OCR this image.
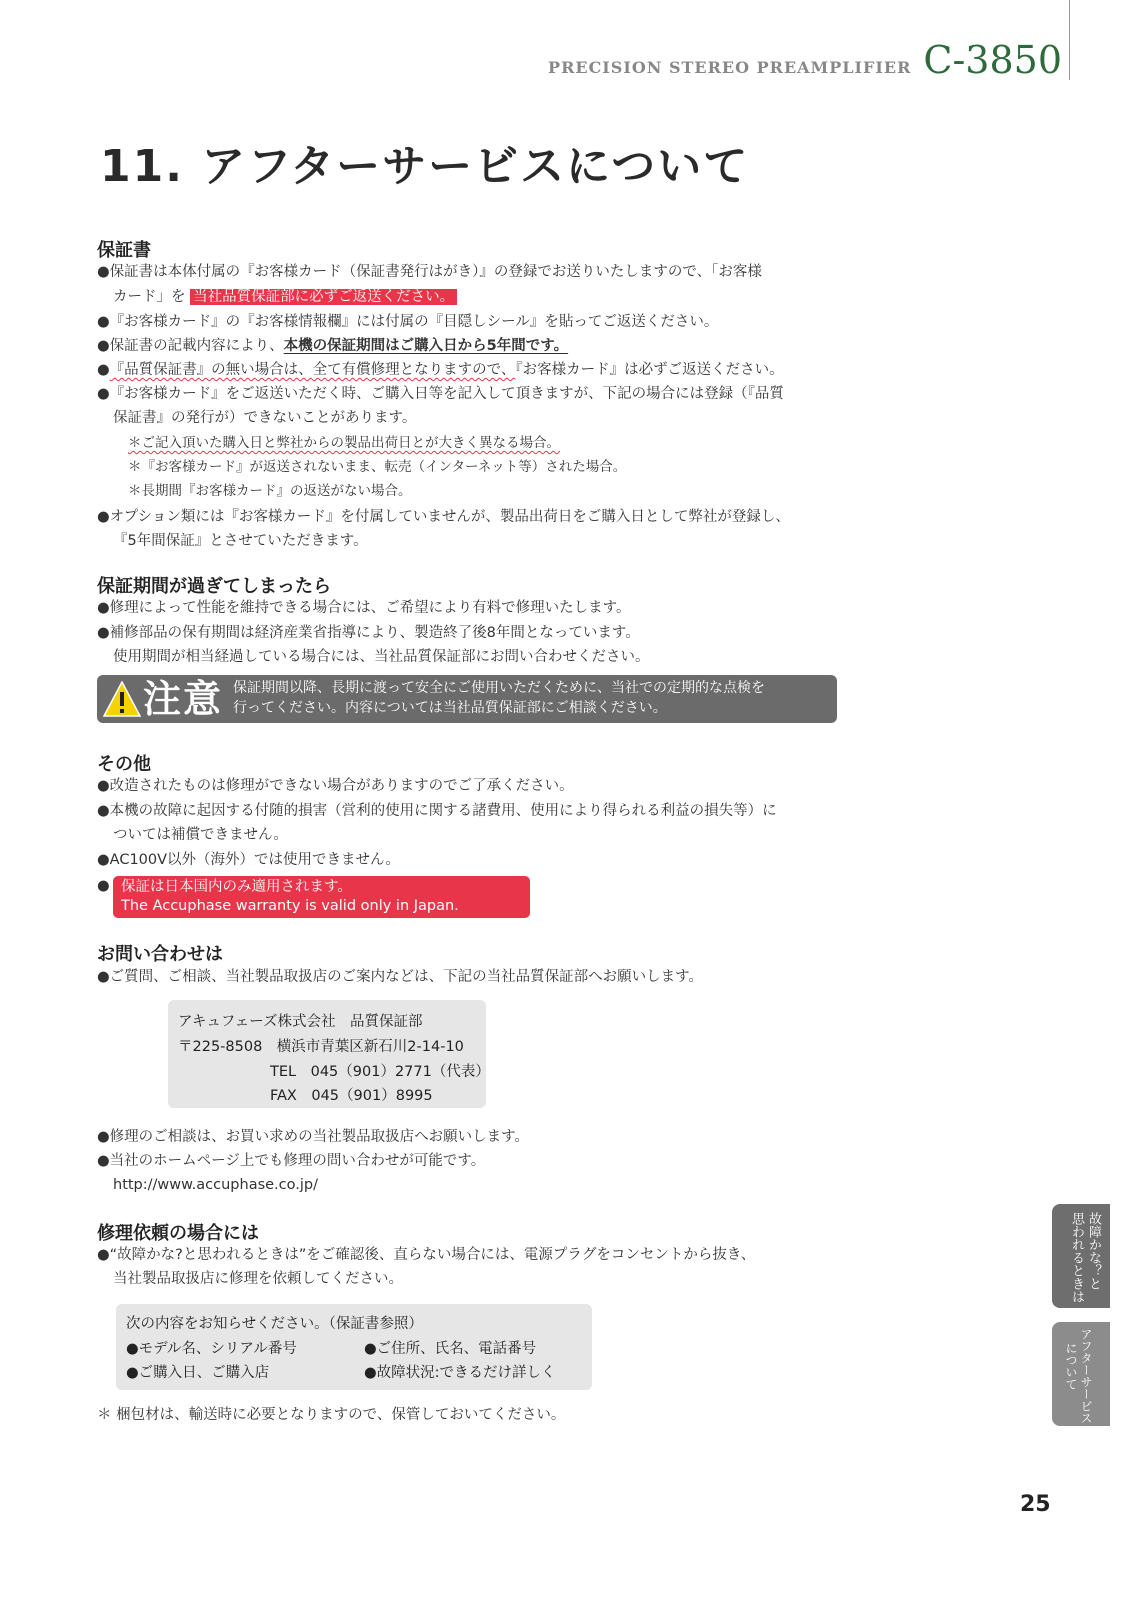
PRECISION STEREO PREAMPLIFIER C-3850
11. アフターサービスについて
保証書
●保証書は本体付属の『お客様カード（保証書発行はがき）』の登録でお送りいたしますので、「お客様
カード」を 当社品質保証部に必ずご返送ください。
●『お客様カード』の『お客様情報欄』には付属の『目隠しシール』を貼ってご返送ください。
●保証書の記載内容により、本機の保証期間はご購入日から5年間です。
●『品質保証書』の無い場合は、全て有償修理となりますので、『お客様カード』は必ずご返送ください。
●『お客様カード』をご返送いただく時、ご購入日等を記入して頂きますが、下記の場合には登録（『品質
保証書』の発行が）できないことがあります。
＊ご記入頂いた購入日と弊社からの製品出荷日とが大きく異なる場合。
＊『お客様カード』が返送されないまま、転売（インターネット等）された場合。
＊長期間『お客様カード』の返送がない場合。
●オプション類には『お客様カード』を付属していませんが、製品出荷日をご購入日として弊社が登録し、
『5年間保証』とさせていただきます。
保証期間が過ぎてしまったら
●修理によって性能を維持できる場合には、ご希望により有料で修理いたします。
●補修部品の保有期間は経済産業省指導により、製造終了後8年間となっています。
使用期間が相当経過している場合には、当社品質保証部にお問い合わせください。
注意 保証期間以降、長期に渡って安全にご使用いただくために、当社での定期的な点検を
行ってください。内容については当社品質保証部にご相談ください。
その他
●改造されたものは修理ができない場合がありますのでご了承ください。
●本機の故障に起因する付随的損害（営利的使用に関する諸費用、使用により得られる利益の損失等）に
ついては補償できません。
●AC100V以外（海外）では使用できません。
● 保証は日本国内のみ適用されます。
The Accuphase warranty is valid only in Japan.
お問い合わせは
●ご質問、ご相談、当社製品取扱店のご案内などは、下記の当社品質保証部へお願いします。
アキュフェーズ株式会社　品質保証部
〒225-8508　横浜市青葉区新石川2-14-10
TEL　045（901）2771（代表）
FAX　045（901）8995
●修理のご相談は、お買い求めの当社製品取扱店へお願いします。
●当社のホームページ上でも修理の問い合わせが可能です。
http://www.accuphase.co.jp/
修理依頼の場合には
●“故障かな?と思われるときは”をご確認後、直らない場合には、電源プラグをコンセントから抜き、
当社製品取扱店に修理を依頼してください。
次の内容をお知らせください。（保証書参照）
●モデル名、シリアル番号	●ご住所、氏名、電話番号
●ご購入日、ご購入店	●故障状況:できるだけ詳しく
＊ 梱包材は、輸送時に必要となりますので、保管しておいてください。
故障かな？と
思われるときは
アフターサービス
について
25
